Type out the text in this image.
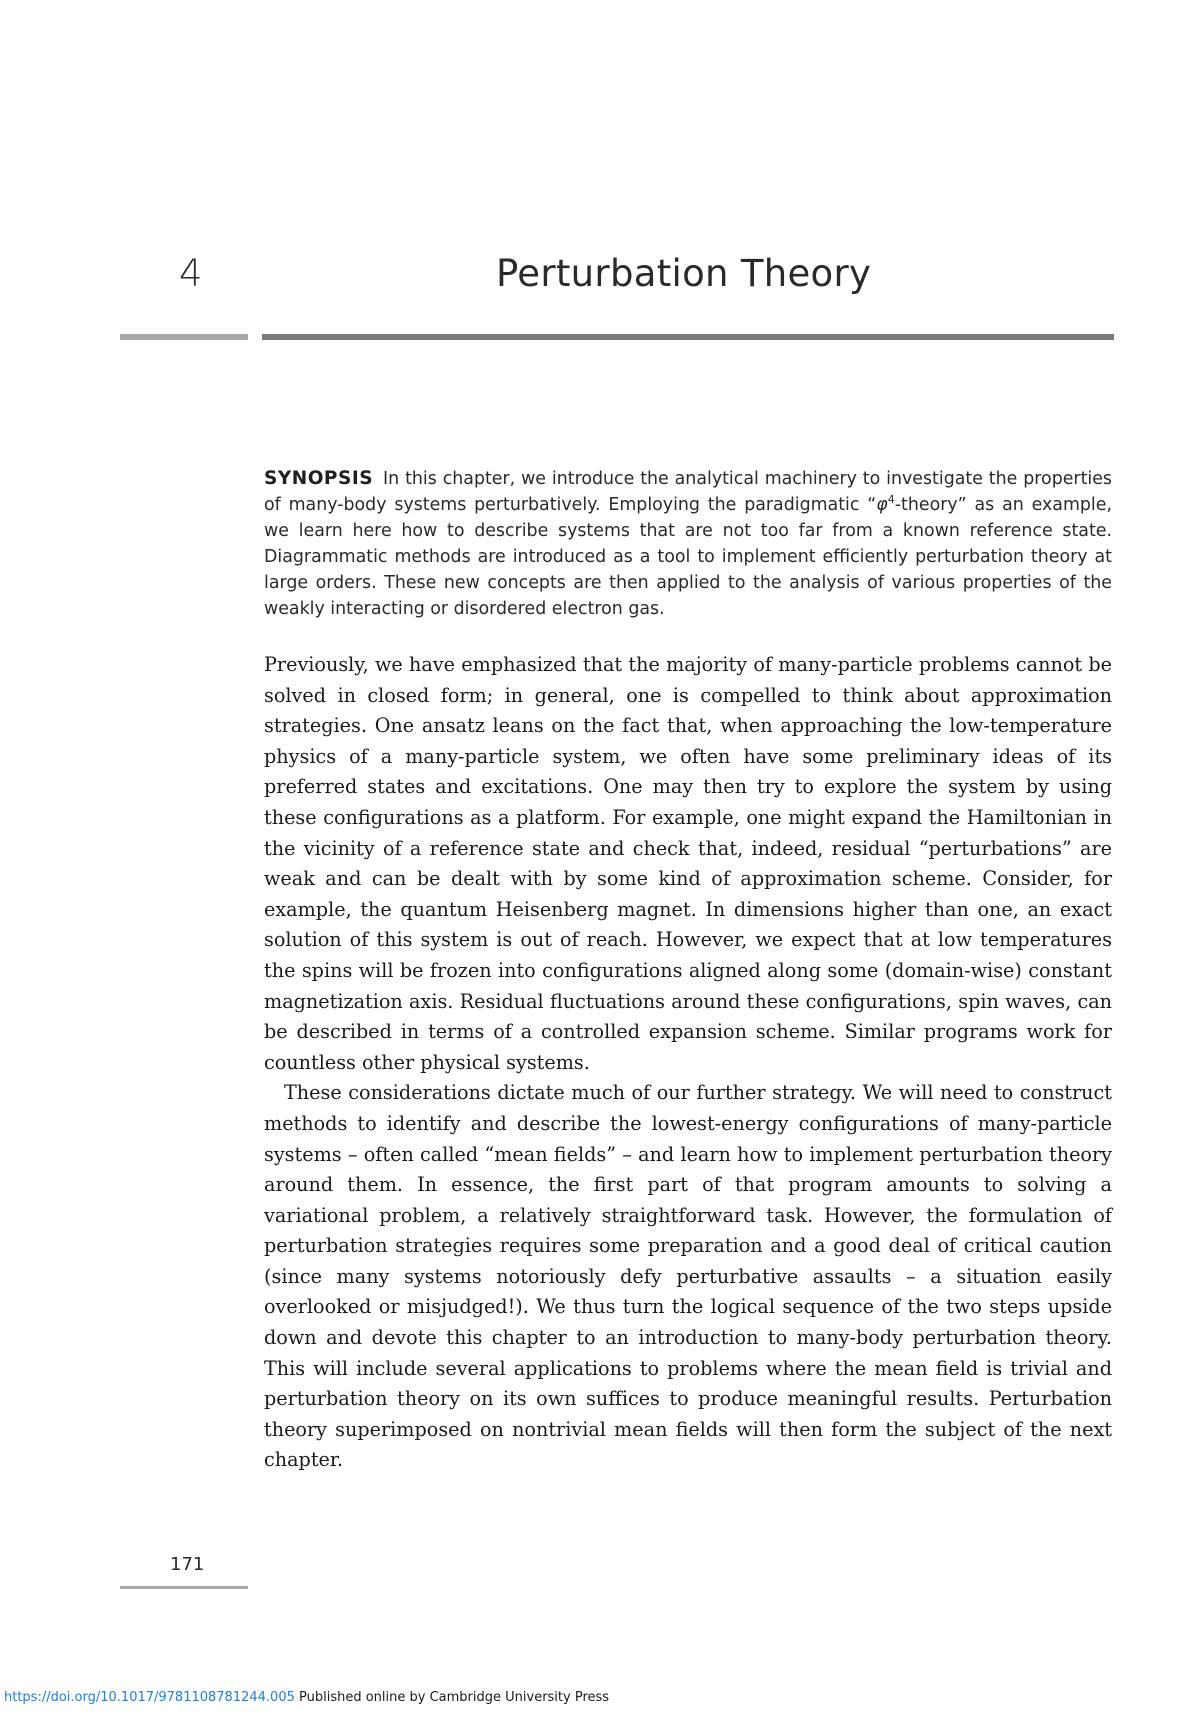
4	Perturbation Theory

SYNOPSIS In this chapter, we introduce the analytical machinery to investigate the properties of many-body systems perturbatively. Employing the paradigmatic “$\varphi^4$-theory” as an example, we learn here how to describe systems that are not too far from a known reference state. Diagrammatic methods are introduced as a tool to implement efficiently perturbation theory at large orders. These new concepts are then applied to the analysis of various properties of the weakly interacting or disordered electron gas.

Previously, we have emphasized that the majority of many-particle problems cannot be solved in closed form; in general, one is compelled to think about approximation strategies. One ansatz leans on the fact that, when approaching the low-temperature physics of a many-particle system, we often have some preliminary ideas of its preferred states and excitations. One may then try to explore the system by using these configurations as a platform. For example, one might expand the Hamiltonian in the vicinity of a reference state and check that, indeed, residual “perturbations” are weak and can be dealt with by some kind of approximation scheme. Consider, for example, the quantum Heisenberg magnet. In dimensions higher than one, an exact solution of this system is out of reach. However, we expect that at low temperatures the spins will be frozen into configurations aligned along some (domain-wise) constant magnetization axis. Residual fluctuations around these configurations, spin waves, can be described in terms of a controlled expansion scheme. Similar programs work for countless other physical systems.

These considerations dictate much of our further strategy. We will need to construct methods to identify and describe the lowest-energy configurations of many-particle systems – often called “mean fields” – and learn how to implement perturbation theory around them. In essence, the first part of that program amounts to solving a variational problem, a relatively straightforward task. However, the formulation of perturbation strategies requires some preparation and a good deal of critical caution (since many systems notoriously defy perturbative assaults – a situation easily overlooked or misjudged!). We thus turn the logical sequence of the two steps upside down and devote this chapter to an introduction to many-body perturbation theory. This will include several applications to problems where the mean field is trivial and perturbation theory on its own suffices to produce meaningful results. Perturbation theory superimposed on nontrivial mean fields will then form the subject of the next chapter.

171
https://doi.org/10.1017/9781108781244.005 Published online by Cambridge University Press
